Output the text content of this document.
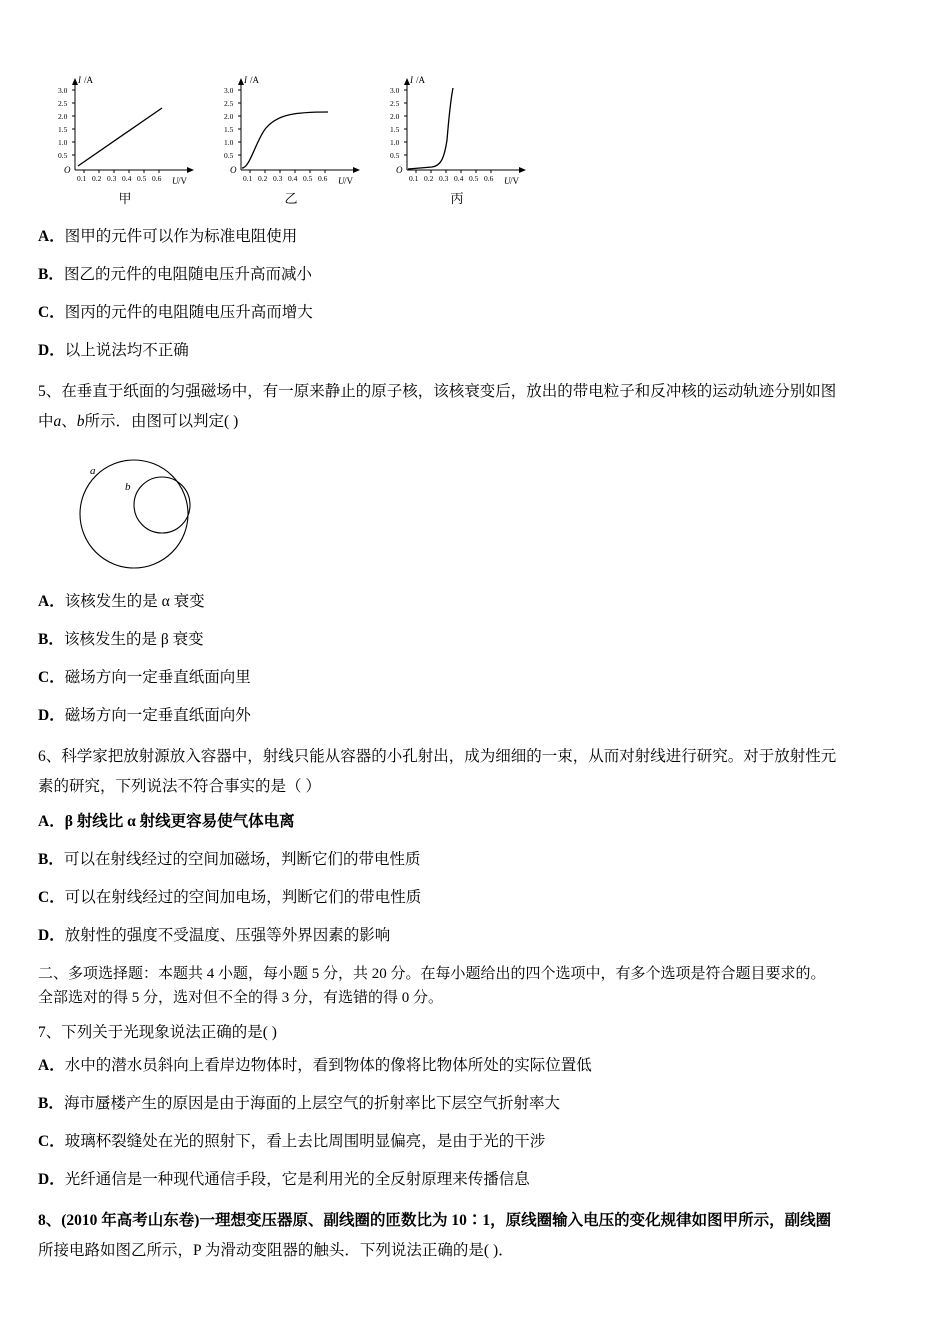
I /A
U /V
O
3.0
2.5
2.0
1.5
1.0
0.5
0.1 0.2 0.3 0.4 0.5 0.6
甲
I /A
U /V
O
3.0
2.5
2.0
1.5
1.0
0.5
0.1 0.2 0.3 0.4 0.5 0.6
乙
I /A
U /V
O
3.0
2.5
2.0
1.5
1.0
0.5
0.1 0.2 0.3 0.4 0.5 0.6
丙
A．图甲的元件可以作为标准电阻使用
B．图乙的元件的电阻随电压升高而减小
C．图丙的元件的电阻随电压升高而增大
D．以上说法均不正确
5、在垂直于纸面的匀强磁场中，有一原来静止的原子核，该核衰变后，放出的带电粒子和反冲核的运动轨迹分别如图
中a、b所示．由图可以判定( )
a
b
A．该核发生的是 α 衰变
B．该核发生的是 β 衰变
C．磁场方向一定垂直纸面向里
D．磁场方向一定垂直纸面向外
6、科学家把放射源放入容器中，射线只能从容器的小孔射出，成为细细的一束，从而对射线进行研究。对于放射性元
素的研究，下列说法不符合事实的是（ ）
A．β 射线比 α 射线更容易使气体电离
B．可以在射线经过的空间加磁场，判断它们的带电性质
C．可以在射线经过的空间加电场，判断它们的带电性质
D．放射性的强度不受温度、压强等外界因素的影响
二、多项选择题：本题共 4 小题，每小题 5 分，共 20 分。在每小题给出的四个选项中，有多个选项是符合题目要求的。
全部选对的得 5 分，选对但不全的得 3 分，有选错的得 0 分。
7、下列关于光现象说法正确的是( )
A．水中的潜水员斜向上看岸边物体时，看到物体的像将比物体所处的实际位置低
B．海市蜃楼产生的原因是由于海面的上层空气的折射率比下层空气折射率大
C．玻璃杯裂缝处在光的照射下，看上去比周围明显偏亮，是由于光的干涉
D．光纤通信是一种现代通信手段，它是利用光的全反射原理来传播信息
8、(2010 年高考山东卷)一理想变压器原、副线圈的匝数比为 10∶1，原线圈输入电压的变化规律如图甲所示，副线圈
所接电路如图乙所示，P 为滑动变阻器的触头．下列说法正确的是( )．
